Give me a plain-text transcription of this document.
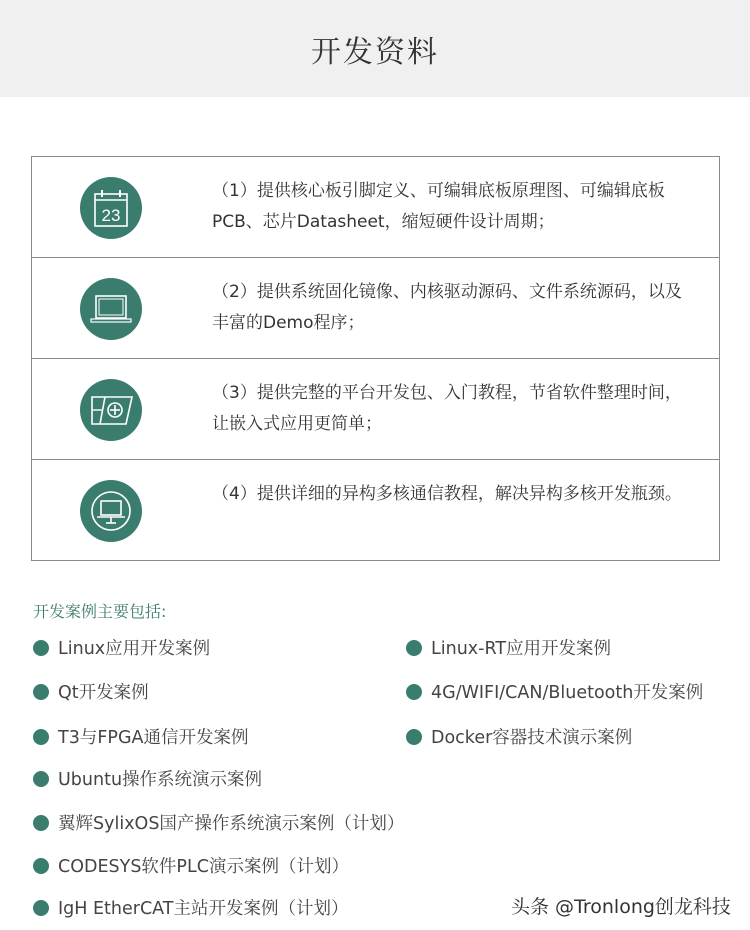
开发资料
23
（1）提供核心板引脚定义、可编辑底板原理图、可编辑底板PCB、芯片Datasheet，缩短硬件设计周期；
（2）提供系统固化镜像、内核驱动源码、文件系统源码，以及丰富的Demo程序；
（3）提供完整的平台开发包、入门教程，节省软件整理时间，让嵌入式应用更简单；
（4）提供详细的异构多核通信教程，解决异构多核开发瓶颈。
开发案例主要包括:
Linux应用开发案例
Qt开发案例
T3与FPGA通信开发案例
Ubuntu操作系统演示案例
翼辉SylixOS国产操作系统演示案例（计划）
CODESYS软件PLC演示案例（计划）
IgH EtherCAT主站开发案例（计划）
Linux-RT应用开发案例
4G/WIFI/CAN/Bluetooth开发案例
Docker容器技术演示案例
头条 @Tronlong创龙科技
